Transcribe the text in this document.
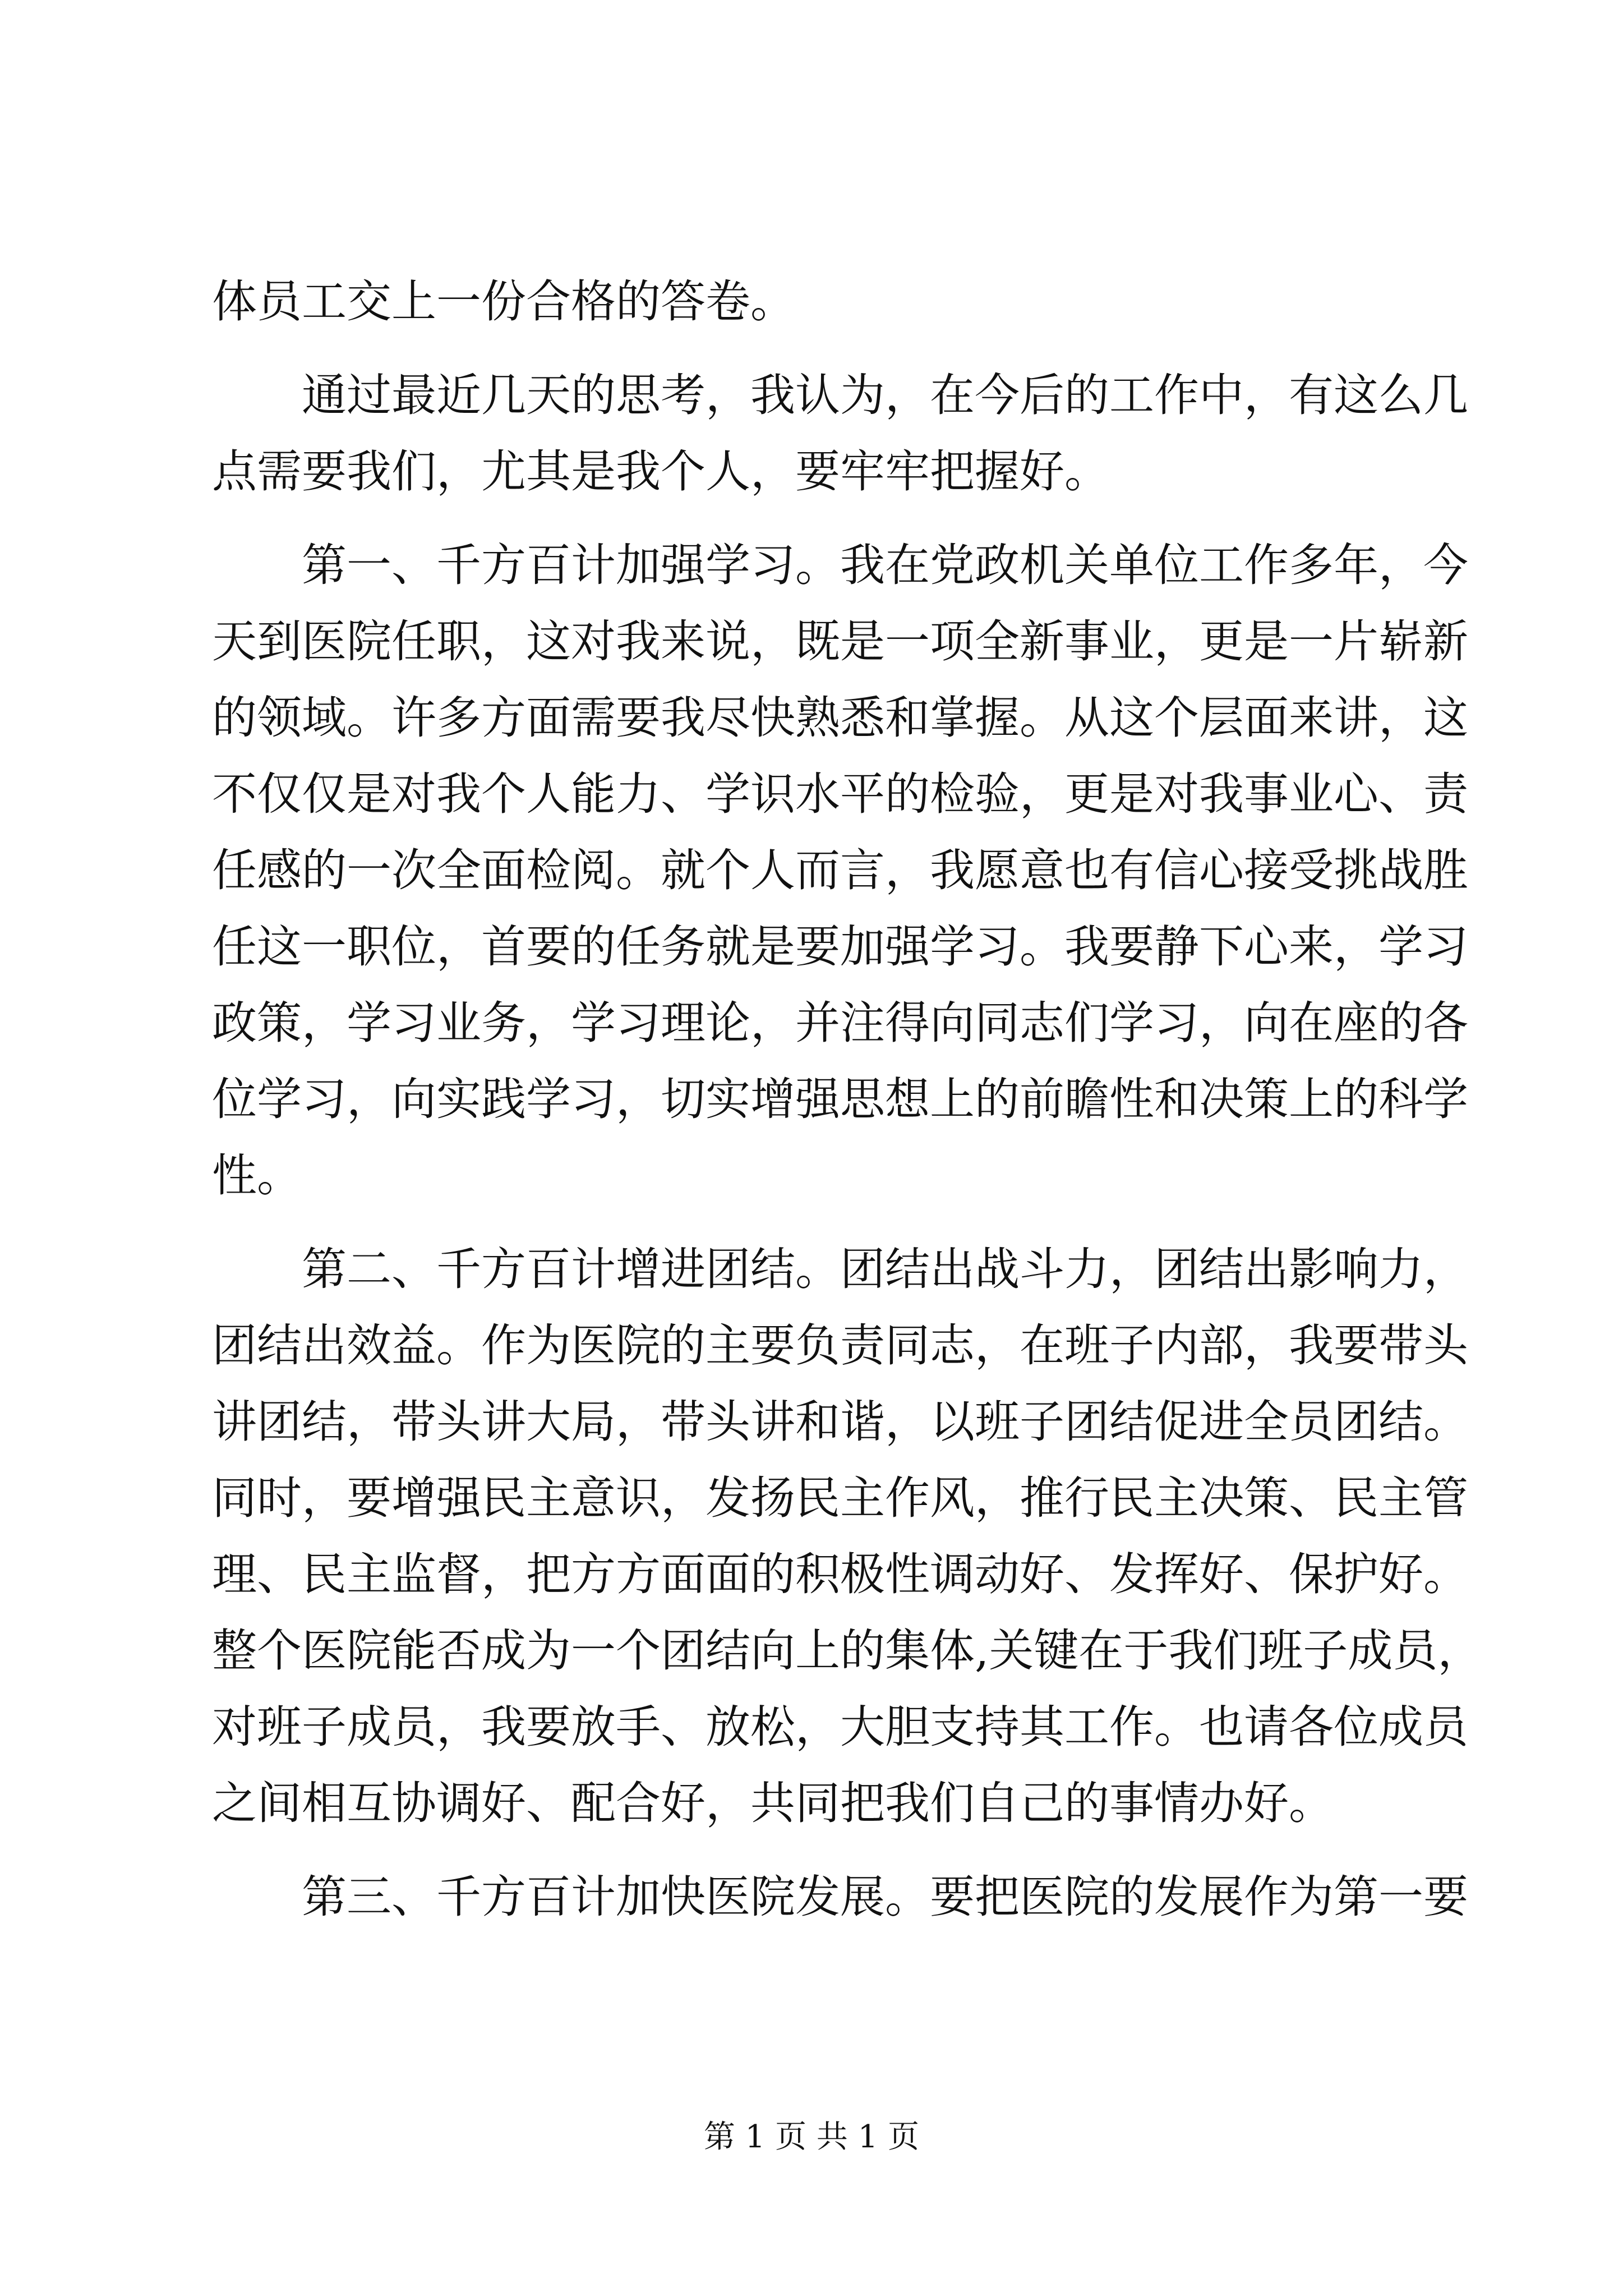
体员工交上一份合格的答卷。
通过最近几天的思考，我认为，在今后的工作中，有这么几
点需要我们，尤其是我个人，要牢牢把握好。
第一、千方百计加强学习。我在党政机关单位工作多年，今
天到医院任职，这对我来说，既是一项全新事业，更是一片崭新
的领域。许多方面需要我尽快熟悉和掌握。从这个层面来讲，这
不仅仅是对我个人能力、学识水平的检验，更是对我事业心、责
任感的一次全面检阅。就个人而言，我愿意也有信心接受挑战胜
任这一职位，首要的任务就是要加强学习。我要静下心来，学习
政策，学习业务，学习理论，并注得向同志们学习，向在座的各
位学习，向实践学习，切实增强思想上的前瞻性和决策上的科学
性。
第二、千方百计增进团结。团结出战斗力，团结出影响力，
团结出效益。作为医院的主要负责同志，在班子内部，我要带头
讲团结，带头讲大局，带头讲和谐，以班子团结促进全员团结。
同时，要增强民主意识，发扬民主作风，推行民主决策、民主管
理、民主监督，把方方面面的积极性调动好、发挥好、保护好。
整个医院能否成为一个团结向上的集体,关键在于我们班子成员，
对班子成员，我要放手、放松，大胆支持其工作。也请各位成员
之间相互协调好、配合好，共同把我们自己的事情办好。
第三、千方百计加快医院发展。要把医院的发展作为第一要
第 1 页 共 1 页
